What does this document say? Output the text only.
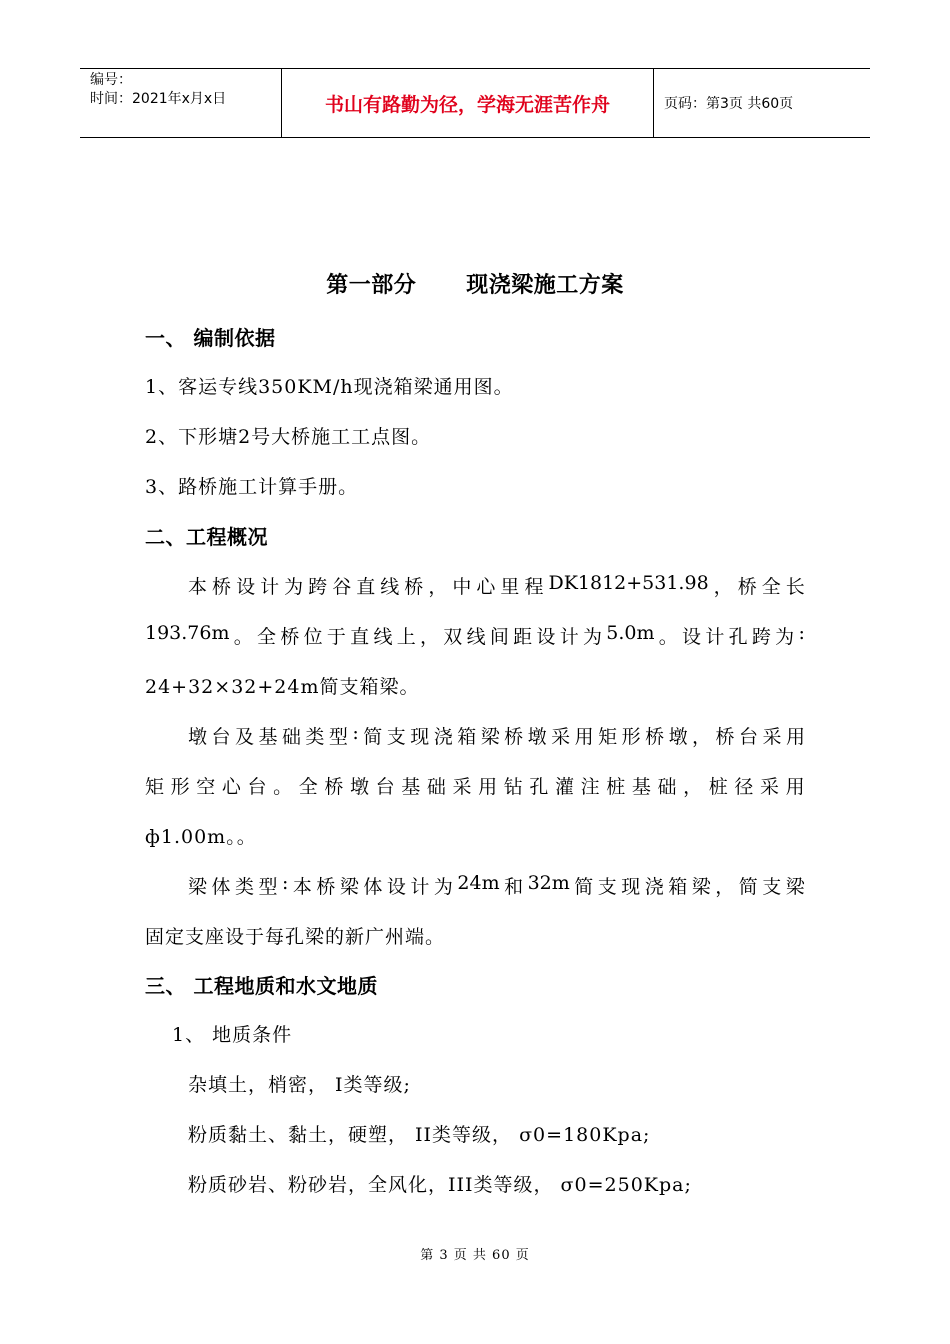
编号：
时间：2021年x月x日	书山有路勤为径，学海无涯苦作舟	页码：第3页 共60页
第一部分 现浇梁施工方案
一、 编制依据
1、客运专线350KM/h现浇箱梁通用图。
2、下形塘2号大桥施工工点图。
3、路桥施工计算手册。
二、工程概况
本 桥 设 计 为 跨 谷 直 线 桥 ， 中 心 里 程 DK1812+531.98 ， 桥 全 长
193.76m 。 全 桥 位 于 直 线 上 ， 双 线 间 距 设 计 为 5.0m 。 设 计 孔 跨 为 :
24+32×32+24m简支箱梁。
墩 台 及 基 础 类 型 : 简 支 现 浇 箱 梁 桥 墩 采 用 矩 形 桥 墩 ， 桥 台 采 用
矩 形 空 心 台 。 全 桥 墩 台 基 础 采 用 钻 孔 灌 注 桩 基 础 ， 桩 径 采 用
ф1.00m。。
梁 体 类 型 : 本 桥 梁 体 设 计 为 24m 和 32m 简 支 现 浇 箱 梁 ， 简 支 梁
固定支座设于每孔梁的新广州端。
三、 工程地质和水文地质
1、 地质条件
杂填土，梢密， I类等级;
粉质黏土、黏土，硬塑， II类等级， σ0=180Kpa;
粉质砂岩、粉砂岩，全风化，III类等级， σ0=250Kpa;
第 3 页 共 60 页
